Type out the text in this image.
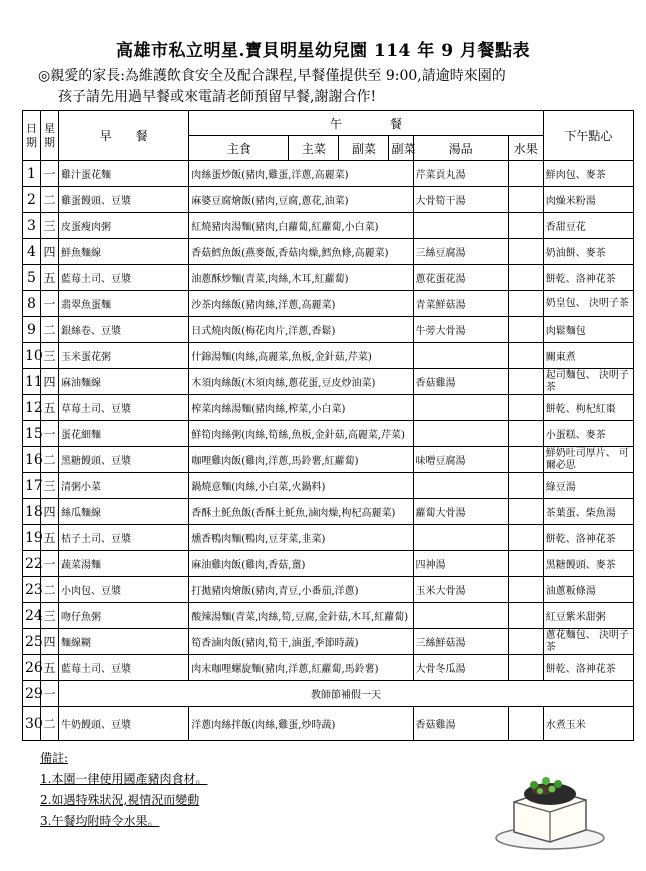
高雄市私立明星.寶貝明星幼兒園 114 年 9 月餐點表
◎親愛的家長:為維護飲食安全及配合課程,早餐僅提供至 9:00,請逾時來園的
孩子請先用過早餐或來電請老師預留早餐,謝謝合作!
日期	星期	早　　餐	午　　　　餐						下午點心
			主食	主菜	副菜	副菜	湯品	水果	
1	一	雞汁蛋花麵	肉絲蛋炒飯(豬肉,雞蛋,洋蔥,高麗菜)				芹菜貢丸湯		鮮肉包、麥茶
2	二	雞蛋饅頭、豆漿	麻婆豆腐燴飯(豬肉,豆腐,蔥花,油菜)				大骨筍干湯		肉燥米粉湯
3	三	皮蛋瘦肉粥	紅燒豬肉湯麵(豬肉,白蘿蔔,紅蘿蔔,小白菜)						香甜豆花
4	四	鮮魚麵線	香菇鱈魚飯(燕麥飯,香菇肉燥,鱈魚條,高麗菜)				三絲豆腐湯		奶油餅、麥茶
5	五	藍莓土司、豆漿	油蔥酥炒麵(青菜,肉絲,木耳,紅蘿蔔)				蔥花蛋花湯		餅乾、洛神花茶
8	一	翡翠魚蛋麵	沙茶肉絲飯(豬肉絲,洋蔥,高麗菜)				青菜鮮菇湯		奶皇包、 決明子茶
9	二	銀絲卷、豆漿	日式燒肉飯(梅花肉片,洋蔥,香鬆)				牛蒡大骨湯		肉鬆麵包
10	三	玉米蛋花粥	什錦湯麵(肉絲,高麗菜,魚板,金針菇,芹菜)						關東煮
11	四	麻油麵線	木須肉絲飯(木須肉絲,蔥花蛋,豆皮炒油菜)				香菇雞湯		起司麵包、 決明子茶
12	五	草莓土司、豆漿	榨菜肉絲湯麵(豬肉絲,榨菜,小白菜)						餅乾、枸杞紅棗
15	一	蛋花細麵	鮮筍肉絲粥(肉絲,筍絲,魚板,金針菇,高麗菜,芹菜)						小蛋糕、麥茶
16	二	黑糖饅頭、豆漿	咖哩雞肉飯(雞肉,洋蔥,馬鈴薯,紅蘿蔔)				味噌豆腐湯		鮮奶吐司厚片、 可爾必思
17	三	清粥小菜	鍋燒意麵(肉絲,小白菜,火鍋料)						綠豆湯
18	四	絲瓜麵線	香酥土魠魚飯(香酥土魠魚,滷肉燥,枸杞高麗菜)				蘿蔔大骨湯		茶葉蛋、柴魚湯
19	五	桔子土司、豆漿	燻香鴨肉麵(鴨肉,豆芽菜,韭菜)						餅乾、洛神花茶
22	一	蔬菜湯麵	麻油雞肉飯(雞肉,香菇,薑)				四神湯		黑糖饅頭、麥茶
23	二	小肉包、豆漿	打拋豬肉燴飯(豬肉,青豆,小番茄,洋蔥)				玉米大骨湯		油蔥粄條湯
24	三	吻仔魚粥	酸辣湯麵(青菜,肉絲,筍,豆腐,金針菇,木耳,紅蘿蔔)						紅豆紫米甜粥
25	四	麵線糊	筍香滷肉飯(豬肉,筍干,滷蛋,季節時蔬)				三絲鮮菇湯		蔥花麵包、 決明子茶
26	五	藍莓土司、豆漿	肉末咖哩螺旋麵(豬肉,洋蔥,紅蘿蔔,馬鈴薯)				大骨冬瓜湯		餅乾、洛神花茶
29	一	教師節補假一天							
30	二	牛奶饅頭、豆漿	洋蔥肉絲拌飯(肉絲,雞蛋,炒時蔬)				香菇雞湯		水煮玉米
備註:
1.本園一律使用國產豬肉食材。
2.如遇特殊狀況,視情況而變動
3.午餐均附時令水果。
